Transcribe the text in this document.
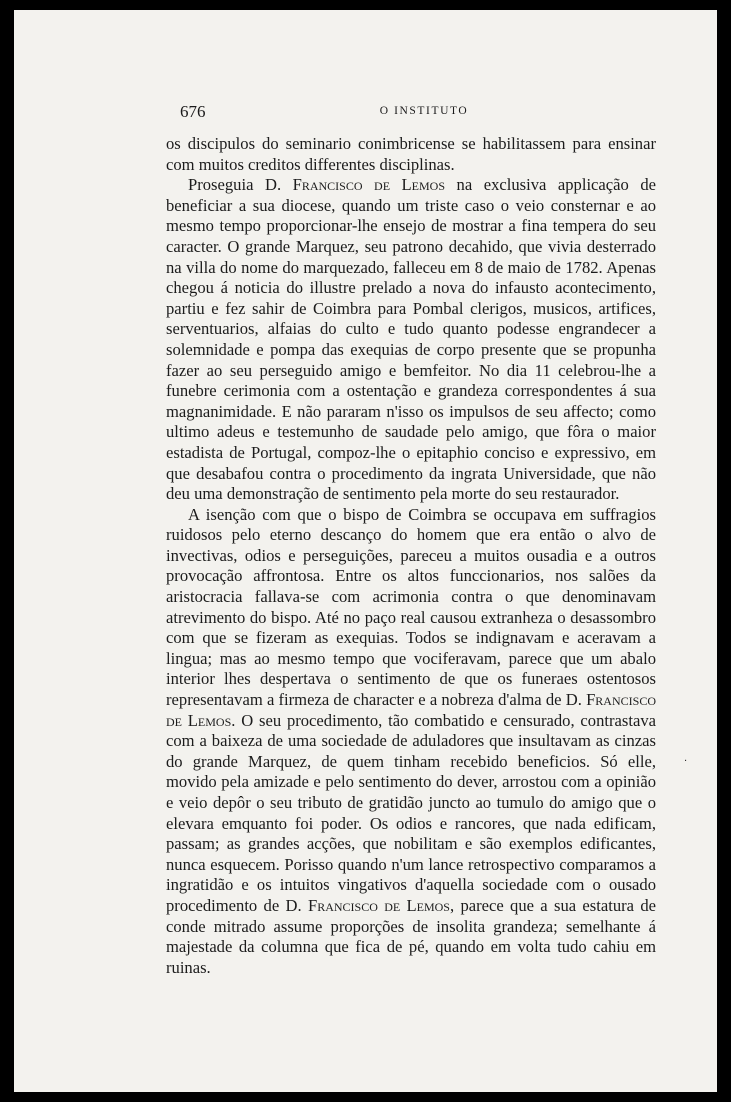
676	O INSTITUTO

os discipulos do seminario conimbricense se habilitassem para ensinar com muitos creditos differentes disciplinas.

Proseguia D. Francisco de Lemos na exclusiva applicação de beneficiar a sua diocese, quando um triste caso o veio consternar e ao mesmo tempo proporcionar-lhe ensejo de mostrar a fina tempera do seu caracter. O grande Marquez, seu patrono decahido, que vivia desterrado na villa do nome do marquezado, falleceu em 8 de maio de 1782. Apenas chegou á noticia do illustre prelado a nova do infausto acontecimento, partiu e fez sahir de Coimbra para Pombal clerigos, musicos, artifices, serventuarios, alfaias do culto e tudo quanto podesse engrandecer a solemnidade e pompa das exequias de corpo presente que se propunha fazer ao seu perseguido amigo e bemfeitor. No dia 11 celebrou-lhe a funebre cerimonia com a ostentação e grandeza correspondentes á sua magnanimidade. E não pararam n'isso os impulsos de seu affecto; como ultimo adeus e testemunho de saudade pelo amigo, que fôra o maior estadista de Portugal, compoz-lhe o epitaphio conciso e expressivo, em que desabafou contra o procedimento da ingrata Universidade, que não deu uma demonstração de sentimento pela morte do seu restaurador.

A isenção com que o bispo de Coimbra se occupava em suffragios ruidosos pelo eterno descanço do homem que era então o alvo de invectivas, odios e perseguições, pareceu a muitos ousadia e a outros provocação affrontosa. Entre os altos funccionarios, nos salões da aristocracia fallava-se com acrimonia contra o que denominavam atrevimento do bispo. Até no paço real causou extranheza o desassombro com que se fizeram as exequias. Todos se indignavam e aceravam a lingua; mas ao mesmo tempo que vociferavam, parece que um abalo interior lhes despertava o sentimento de que os funeraes ostentosos representavam a firmeza de character e a nobreza d'alma de D. Francisco de Lemos. O seu procedimento, tão combatido e censurado, contrastava com a baixeza de uma sociedade de aduladores que insultavam as cinzas do grande Marquez, de quem tinham recebido beneficios. Só elle, movido pela amizade e pelo sentimento do dever, arrostou com a opinião e veio depôr o seu tributo de gratidão juncto ao tumulo do amigo que o elevara emquanto foi poder. Os odios e rancores, que nada edificam, passam; as grandes acções, que nobilitam e são exemplos edificantes, nunca esquecem. Porisso quando n'um lance retrospectivo comparamos a ingratidão e os intuitos vingativos d'aquella sociedade com o ousado procedimento de D. Francisco de Lemos, parece que a sua estatura de conde mitrado assume proporções de insolita grandeza; semelhante á majestade da columna que fica de pé, quando em volta tudo cahiu em ruinas.

·
